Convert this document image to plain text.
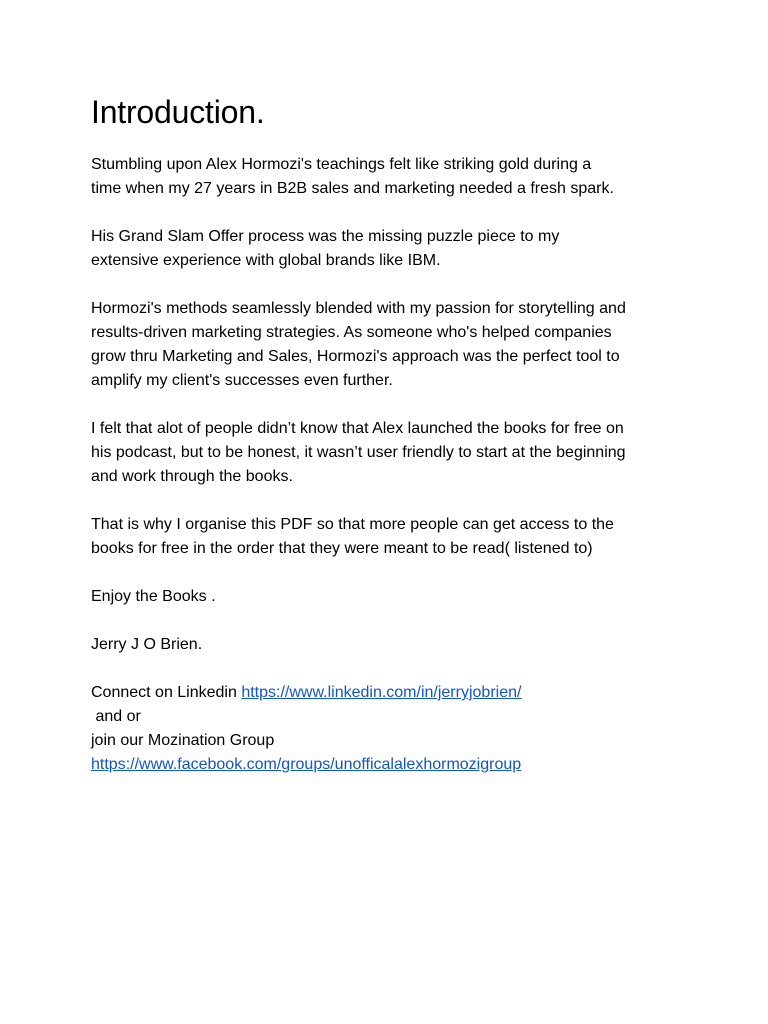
Introduction.

Stumbling upon Alex Hormozi's teachings felt like striking gold during a
time when my 27 years in B2B sales and marketing needed a fresh spark.

His Grand Slam Offer process was the missing puzzle piece to my
extensive experience with global brands like IBM.

Hormozi's methods seamlessly blended with my passion for storytelling and
results-driven marketing strategies. As someone who's helped companies
grow thru Marketing and Sales, Hormozi's approach was the perfect tool to
amplify my client's successes even further.

I felt that alot of people didn’t know that Alex launched the books for free on
his podcast, but to be honest, it wasn’t user friendly to start at the beginning
and work through the books.

That is why I organise this PDF so that more people can get access to the
books for free in the order that they were meant to be read( listened to)

Enjoy the Books .

Jerry J O Brien.

Connect on Linkedin https://www.linkedin.com/in/jerryjobrien/

and or

join our Mozination Group

https://www.facebook.com/groups/unofficalalexhormozigroup
